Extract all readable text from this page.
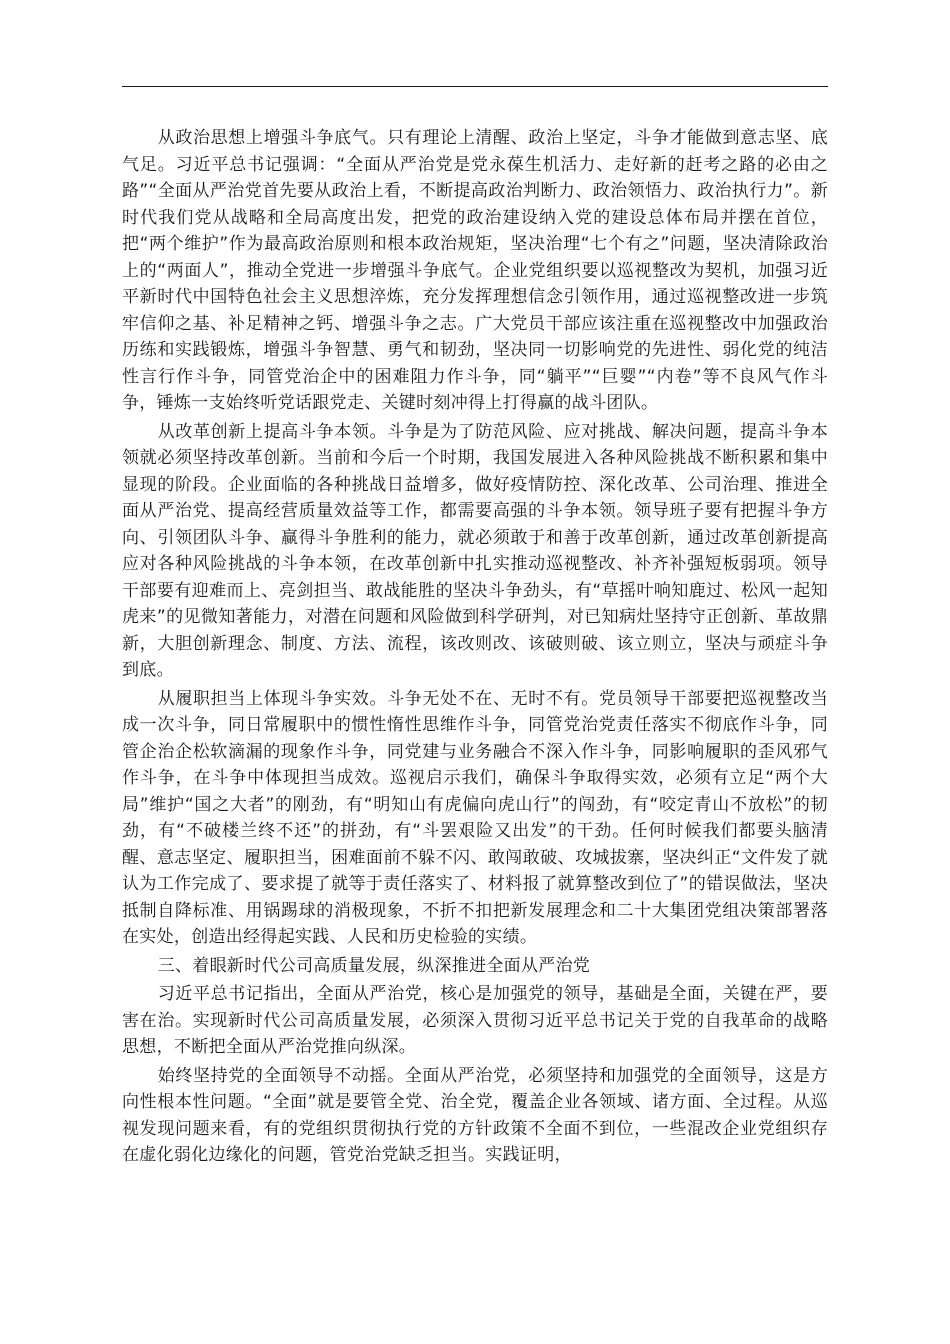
从政治思想上增强斗争底气。只有理论上清醒、政治上坚定，斗争才能做到意志坚、底气足。习近平总书记强调：“全面从严治党是党永葆生机活力、走好新的赶考之路的必由之路”“全面从严治党首先要从政治上看，不断提高政治判断力、政治领悟力、政治执行力”。新时代我们党从战略和全局高度出发，把党的政治建设纳入党的建设总体布局并摆在首位，把“两个维护”作为最高政治原则和根本政治规矩，坚决治理“七个有之”问题，坚决清除政治上的“两面人”，推动全党进一步增强斗争底气。企业党组织要以巡视整改为契机，加强习近平新时代中国特色社会主义思想淬炼，充分发挥理想信念引领作用，通过巡视整改进一步筑牢信仰之基、补足精神之钙、增强斗争之志。广大党员干部应该注重在巡视整改中加强政治历练和实践锻炼，增强斗争智慧、勇气和韧劲，坚决同一切影响党的先进性、弱化党的纯洁性言行作斗争，同管党治企中的困难阻力作斗争，同“躺平”“巨婴”“内卷”等不良风气作斗争，锤炼一支始终听党话跟党走、关键时刻冲得上打得赢的战斗团队。

从改革创新上提高斗争本领。斗争是为了防范风险、应对挑战、解决问题，提高斗争本领就必须坚持改革创新。当前和今后一个时期，我国发展进入各种风险挑战不断积累和集中显现的阶段。企业面临的各种挑战日益增多，做好疫情防控、深化改革、公司治理、推进全面从严治党、提高经营质量效益等工作，都需要高强的斗争本领。领导班子要有把握斗争方向、引领团队斗争、赢得斗争胜利的能力，就必须敢于和善于改革创新，通过改革创新提高应对各种风险挑战的斗争本领，在改革创新中扎实推动巡视整改、补齐补强短板弱项。领导干部要有迎难而上、亮剑担当、敢战能胜的坚决斗争劲头，有“草摇叶响知鹿过、松风一起知虎来”的见微知著能力，对潜在问题和风险做到科学研判，对已知病灶坚持守正创新、革故鼎新，大胆创新理念、制度、方法、流程，该改则改、该破则破、该立则立，坚决与顽症斗争到底。

从履职担当上体现斗争实效。斗争无处不在、无时不有。党员领导干部要把巡视整改当成一次斗争，同日常履职中的惯性惰性思维作斗争，同管党治党责任落实不彻底作斗争，同管企治企松软滴漏的现象作斗争，同党建与业务融合不深入作斗争，同影响履职的歪风邪气作斗争，在斗争中体现担当成效。巡视启示我们，确保斗争取得实效，必须有立足“两个大局”维护“国之大者”的刚劲，有“明知山有虎偏向虎山行”的闯劲，有“咬定青山不放松”的韧劲，有“不破楼兰终不还”的拼劲，有“斗罢艰险又出发”的干劲。任何时候我们都要头脑清醒、意志坚定、履职担当，困难面前不躲不闪、敢闯敢破、攻城拔寨，坚决纠正“文件发了就认为工作完成了、要求提了就等于责任落实了、材料报了就算整改到位了”的错误做法，坚决抵制自降标准、用锅踢球的消极现象，不折不扣把新发展理念和二十大集团党组决策部署落在实处，创造出经得起实践、人民和历史检验的实绩。

三、着眼新时代公司高质量发展，纵深推进全面从严治党

习近平总书记指出，全面从严治党，核心是加强党的领导，基础是全面，关键在严，要害在治。实现新时代公司高质量发展，必须深入贯彻习近平总书记关于党的自我革命的战略思想，不断把全面从严治党推向纵深。

始终坚持党的全面领导不动摇。全面从严治党，必须坚持和加强党的全面领导，这是方向性根本性问题。“全面”就是要管全党、治全党，覆盖企业各领域、诸方面、全过程。从巡视发现问题来看，有的党组织贯彻执行党的方针政策不全面不到位，一些混改企业党组织存在虚化弱化边缘化的问题，管党治党缺乏担当。实践证明，
